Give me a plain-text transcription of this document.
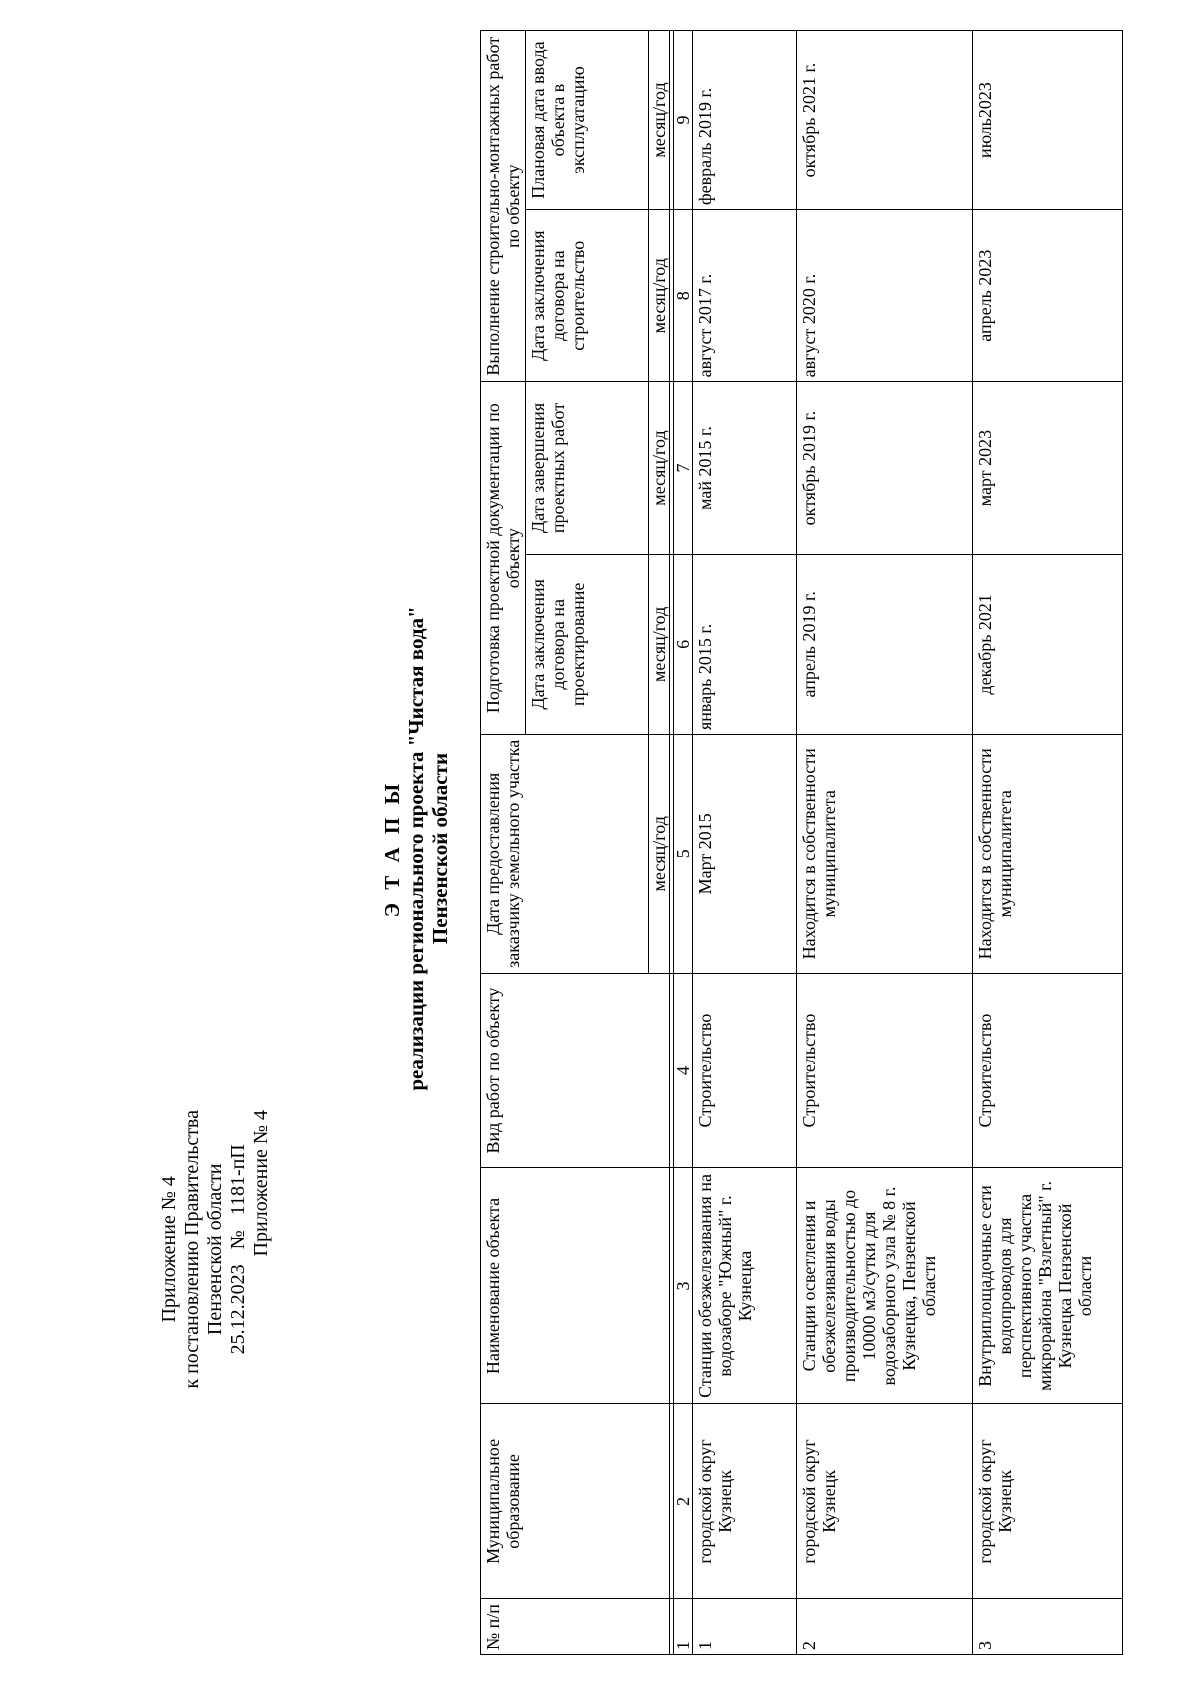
Приложение № 4 к постановлению Правительства Пензенской области 25.12.2023   №   1181-пП Приложение № 4
Э Т А П Ы реализации регионального проекта "Чистая вода" Пензенской области
№ п/п	Муниципальное образование	Наименование объекта	Вид работ по объекту	Дата предоставления заказчику земельного участка	Подготовка проектной документации по объекту		Выполнение строительно-монтажных работ по объекту	
					Дата заключения договора на проектирование	Дата завершения проектных работ	Дата заключения договора на строительство	Плановая дата ввода объекта в эксплуатацию
				месяц/год	месяц/год	месяц/год	месяц/год	месяц/год

1	2	3	4	5	6	7	8	9
1	городской округ Кузнецк	Станции обезжелезивания на водозаборе "Южный" г. Кузнецка	Строительство	Март 2015	январь 2015 г.	май 2015 г.	август 2017 г.	февраль 2019 г.
2	городской округ Кузнецк	Станции осветления и обезжелезивания воды производительностью до 10000 м3/сутки для водозаборного узла № 8 г. Кузнецка, Пензенской области	Строительство	Находится в собственности муниципалитета	апрель 2019 г.	октябрь 2019 г.	август 2020 г.	октябрь 2021 г.
3	городской округ Кузнецк	Внутриплощадочные сети водопроводов для перспективного участка микрорайона "Взлетный" г. Кузнецка Пензенской области	Строительство	Находится в собственности муниципалитета	декабрь 2021	март 2023	апрель 2023	июль2023
